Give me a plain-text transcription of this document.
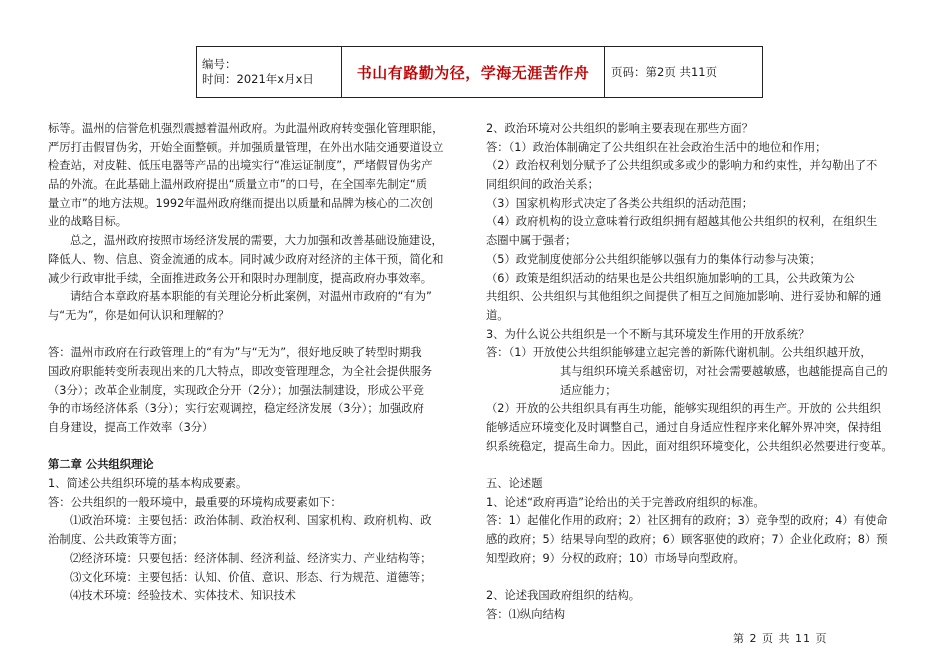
编号：
时间：2021年x月x日	书山有路勤为径，学海无涯苦作舟 页码：第2页 共11页
标等。温州的信誉危机强烈震撼着温州政府。为此温州政府转变强化管理职能，
严厉打击假冒伪劣，开始全面整顿。并加强质量管理，在外出水陆交通要道设立
检查站，对皮鞋、低压电器等产品的出境实行“准运证制度”，严堵假冒伪劣产
品的外流。在此基础上温州政府提出“质量立市”的口号，在全国率先制定“质
量立市”的地方法规。1992年温州政府继而提出以质量和品牌为核心的二次创
业的战略目标。
总之，温州政府按照市场经济发展的需要，大力加强和改善基础设施建设，
降低人、物、信息、资金流通的成本。同时减少政府对经济的主体干预，简化和
减少行政审批手续，全面推进政务公开和限时办理制度，提高政府办事效率。
请结合本章政府基本职能的有关理论分析此案例，对温州市政府的“有为”
与“无为”，你是如何认识和理解的？
答：温州市政府在行政管理上的“有为”与“无为”，很好地反映了转型时期我
国政府职能转变所表现出来的几大特点，即改变管理理念，为全社会提供服务
（3分）；改革企业制度，实现政企分开（2分）；加强法制建设，形成公平竞
争的市场经济体系（3分）；实行宏观调控，稳定经济发展（3分）；加强政府
自身建设，提高工作效率（3分）
第二章 公共组织理论
1、简述公共组织环境的基本构成要素。
答：公共组织的一般环境中，最重要的环境构成要素如下：
⑴政治环境：主要包括：政治体制、政治权利、国家机构、政府机构、政
治制度、公共政策等方面；
⑵经济环境：只要包括：经济体制、经济利益、经济实力、产业结构等；
⑶文化环境：主要包括：认知、价值、意识、形态、行为规范、道德等；
⑷技术环境：经验技术、实体技术、知识技术
2、政治环境对公共组织的影响主要表现在那些方面？
答：（1）政治体制确定了公共组织在社会政治生活中的地位和作用；
（2）政治权利划分赋予了公共组织或多或少的影响力和约束性，并勾勒出了不
同组织间的政治关系；
（3）国家机构形式决定了各类公共组织的活动范围；
（4）政府机构的设立意味着行政组织拥有超越其他公共组织的权利，在组织生
态圈中属于强者；
（5）政党制度使部分公共组织能够以强有力的集体行动参与决策；
（6）政策是组织活动的结果也是公共组织施加影响的工具，公共政策为公
共组织、公共组织与其他组织之间提供了相互之间施加影响、进行妥协和解的通
道。
3、为什么说公共组织是一个不断与其环境发生作用的开放系统？
答：（1）开放使公共组织能够建立起完善的新陈代谢机制。公共组织越开放，
其与组织环境关系越密切，对社会需要越敏感，也越能提高自己的
适应能力；
（2）开放的公共组织具有再生功能，能够实现组织的再生产。开放的 公共组织
能够适应环境变化及时调整自己，通过自身适应性程序来化解外界冲突，保持组
织系统稳定，提高生命力。因此，面对组织环境变化，公共组织必然要进行变革。
五、论述题
1、论述“政府再造”论给出的关于完善政府组织的标准。
答：1）起催化作用的政府；2）社区拥有的政府；3）竞争型的政府；4）有使命
感的政府；5）结果导向型的政府；6）顾客驱使的政府；7）企业化政府；8）预
知型政府；9）分权的政府；10）市场导向型政府。
2、论述我国政府组织的结构。
答：⑴纵向结构
第 2 页 共 11 页
